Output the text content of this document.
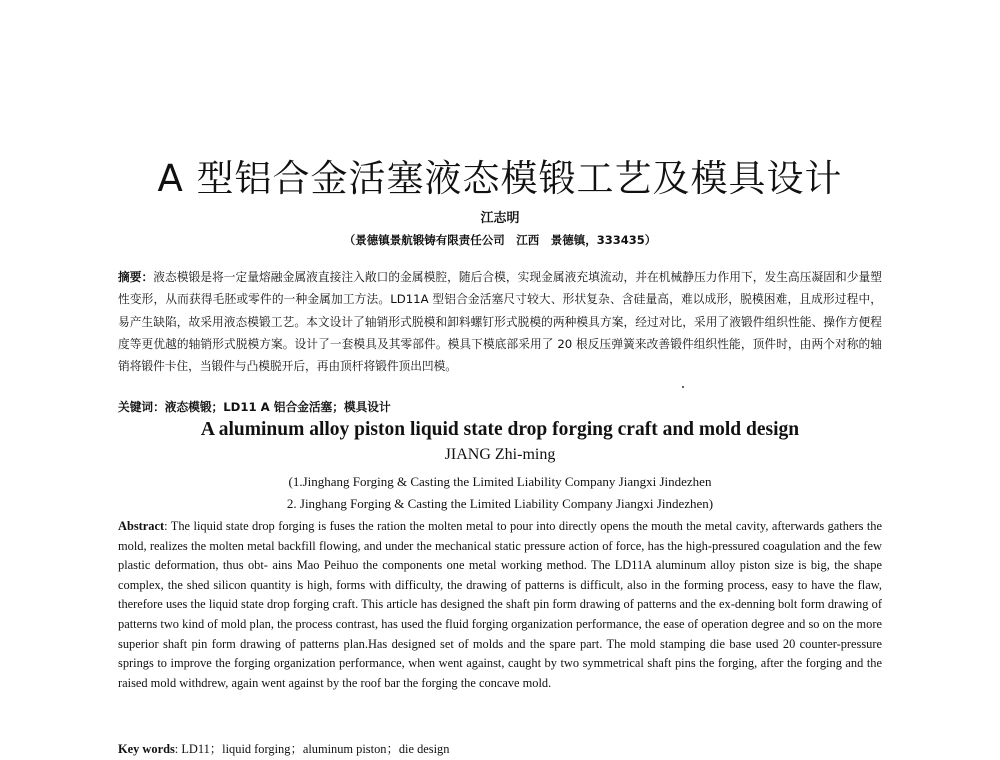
A 型铝合金活塞液态模锻工艺及模具设计
江志明
（景德镇景航锻铸有限责任公司　江西　景德镇，333435）
摘要：液态模锻是将一定量熔融金属液直接注入敞口的金属模腔，随后合模，实现金属液充填流动，并在机械静压力作用下，发生高压凝固和少量塑性变形，从而获得毛胚或零件的一种金属加工方法。LD11A 型铝合金活塞尺寸较大、形状复杂、含硅量高，难以成形，脱模困难，且成形过程中，易产生缺陷，故采用液态模锻工艺。本文设计了轴销形式脱模和卸料螺钉形式脱模的两种模具方案，经过对比，采用了液锻件组织性能、操作方便程度等更优越的轴销形式脱模方案。设计了一套模具及其零部件。模具下模底部采用了 20 根反压弹簧来改善锻件组织性能，顶件时，由两个对称的轴销将锻件卡住，当锻件与凸模脱开后，再由顶杆将锻件顶出凹模。
关键词：液态模锻；LD11 A 铝合金活塞；模具设计
A aluminum alloy piston liquid state drop forging craft and mold design
JIANG Zhi-ming
(1.Jinghang Forging & Casting the Limited Liability Company Jiangxi Jindezhen
2. Jinghang Forging & Casting the Limited Liability Company Jiangxi Jindezhen)
Abstract: The liquid state drop forging is fuses the ration the molten metal to pour into directly opens the mouth the metal cavity, afterwards gathers the mold, realizes the molten metal backfill flowing, and under the mechanical static pressure action of force, has the high-pressured coagulation and the few plastic deformation, thus obt- ains Mao Peihuo the components one metal working method. The LD11A aluminum alloy piston size is big, the shape complex, the shed silicon quantity is high, forms with difficulty, the drawing of patterns is difficult, also in the forming process, easy to have the flaw, therefore uses the liquid state drop forging craft. This article has designed the shaft pin form drawing of patterns and the ex-denning bolt form drawing of patterns two kind of mold plan, the process contrast, has used the fluid forging organization performance, the ease of operation degree and so on the more superior shaft pin form drawing of patterns plan.Has designed set of molds and the spare part. The mold stamping die base used 20 counter-pressure springs to improve the forging organization performance, when went against, caught by two symmetrical shaft pins the forging, after the forging and the raised mold withdrew, again went against by the roof bar the forging the concave mold.
Key words: LD11；liquid forging；aluminum piston；die design
